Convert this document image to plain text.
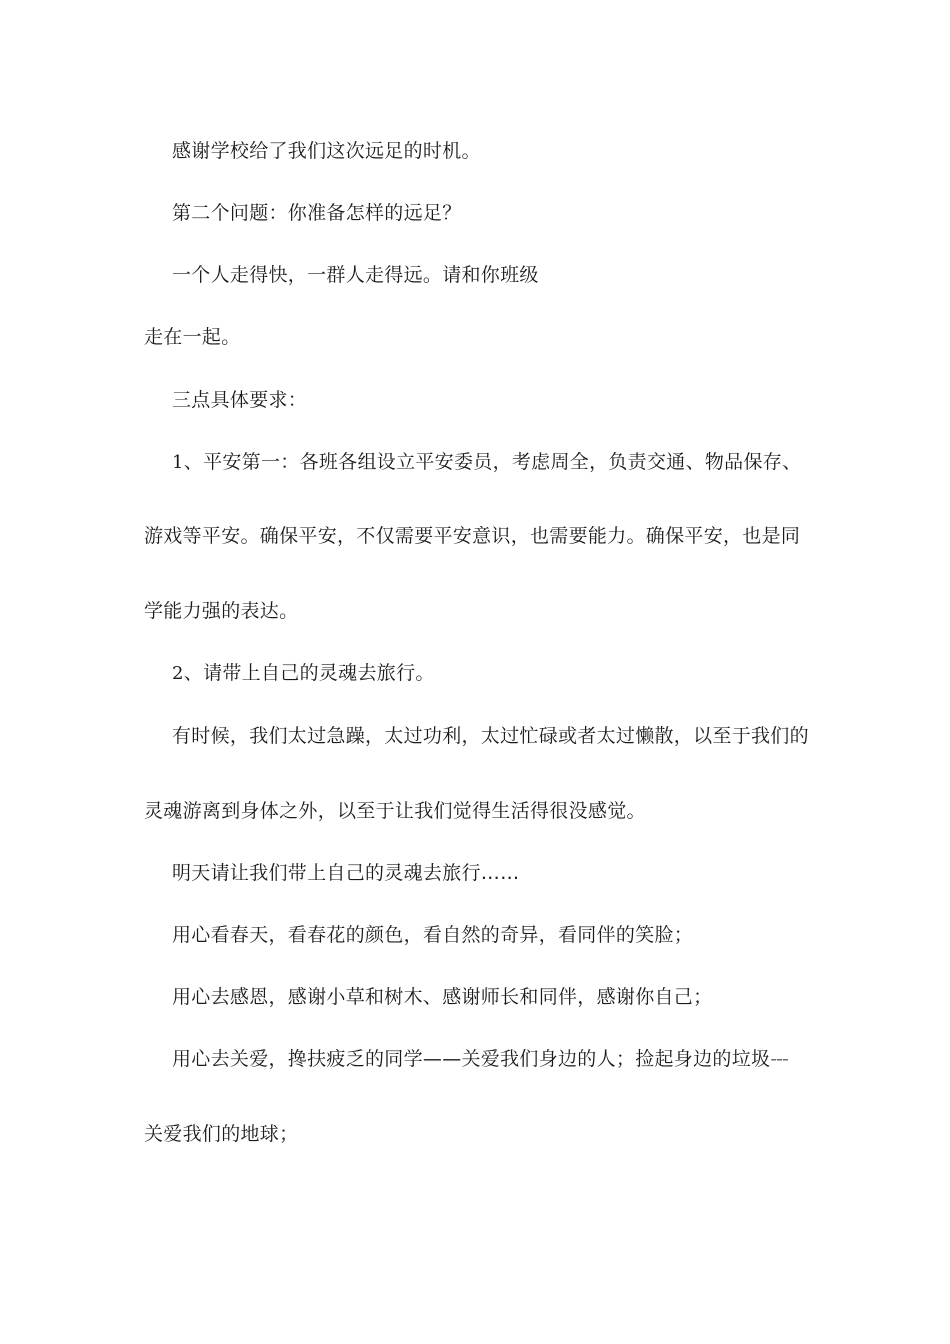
感谢学校给了我们这次远足的时机。
第二个问题：你准备怎样的远足？
一个人走得快，一群人走得远。请和你班级
走在一起。
三点具体要求：
1、平安第一：各班各组设立平安委员，考虑周全，负责交通、物品保存、
游戏等平安。确保平安，不仅需要平安意识，也需要能力。确保平安，也是同
学能力强的表达。
2、请带上自己的灵魂去旅行。
有时候，我们太过急躁，太过功利，太过忙碌或者太过懒散，以至于我们的
灵魂游离到身体之外，以至于让我们觉得生活得很没感觉。
明天请让我们带上自己的灵魂去旅行……
用心看春天，看春花的颜色，看自然的奇异，看同伴的笑脸；
用心去感恩，感谢小草和树木、感谢师长和同伴，感谢你自己；
用心去关爱，搀扶疲乏的同学——关爱我们身边的人；捡起身边的垃圾---
关爱我们的地球；
